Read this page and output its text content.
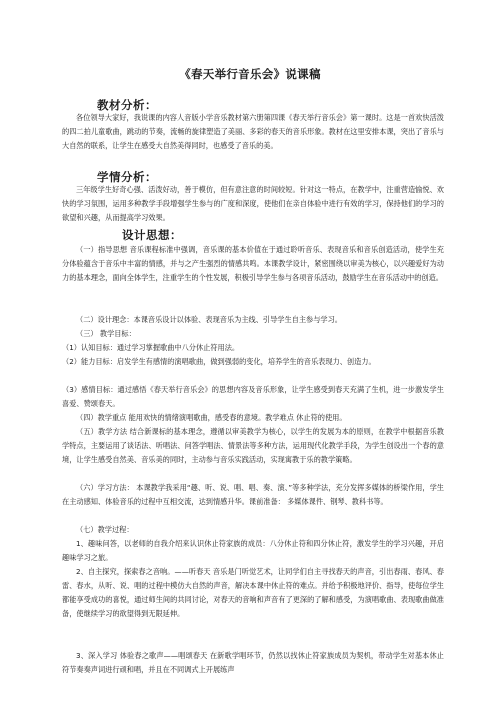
《春天举行音乐会》说课稿
教材分析：
各位领导大家好，我说课的内容人音版小学音乐教材第六册第四课《春天举行音乐会》第一课时。这是一首欢快活泼的四二拍儿童歌曲，跳动的节奏，流畅的旋律塑造了美丽、多彩的春天的音乐形象。教材在这里安排本课，突出了音乐与大自然的联系，让学生在感受大自然美得同时，也感受了音乐的美。
学情分析：
三年级学生好奇心强、活泼好动，善于模仿，但有意注意的时间较短。针对这一特点，在教学中，注重营造愉悦、欢快的学习氛围，运用多种教学手段增强学生参与的广度和深度，使他们在亲自体验中进行有效的学习，保持他们的学习的欲望和兴趣，从而提高学习效果。
设计思想：
（一）指导思想 音乐课程标准中强调，音乐课的基本价值在于通过聆听音乐、表现音乐和音乐创造活动，使学生充分体验蕴含于音乐中丰富的情感，并与之产生强烈的情感共鸣。本课教学设计，紧密围绕以审美为核心，以兴趣爱好为动力的基本理念，面向全体学生，注重学生的个性发展，积极引导学生参与各项音乐活动，鼓励学生在音乐活动中的创造。
（二）设计理念：本课音乐设计以体验、表现音乐为主线、引导学生自主参与学习。
（三） 教学目标：
（1）认知目标：通过学习掌握歌曲中八分休止符用法。
（2）能力目标：启发学生有感情的演唱歌曲，做到强弱的变化，培养学生的音乐表现力、创造力。
（3）感情目标：通过感悟《春天举行音乐会》的思想内容及音乐形象，让学生感受到春天充满了生机，进一步激发学生喜爱、赞颂春天。
（四）教学重点 能用欢快的情绪演唱歌曲，感受春的意境。教学难点 休止符的使用。
（五）教学方法 结合新课标的基本理念，遵循以审美教学为核心，以学生的发展为本的原则，在教学中根据音乐教学特点，主要运用了谈话法、听唱法、问答学唱法、情景法等多种方法，运用现代化教学手段，为学生创设出一个春的意境，让学生感受自然美、音乐美的同时，主动参与音乐实践活动，实现寓教于乐的教学策略。
（六）学习方法： 本课教学我采用“趣、听、说、唱、唱、奏、演、”等多种学法，充分发挥多媒体的桥梁作用，学生在主动感知、体验音乐的过程中互相交流，达到情感升华。课前准备： 多媒体课件、钢琴、教科书等。
（七）教学过程：
1、趣味问答，以老师的自我介绍来认识休止符家族的成员：八分休止符和四分休止符，激发学生的学习兴趣，开启趣味学习之旅。
2、自主探究，探索春之音响。——听春天 音乐是门听觉艺术，让同学们自主寻找春天的声音，引出春雨、春风、春雷、春水，从听、说、唱的过程中模仿大自然的声音，解决本课中休止符的难点。并给予积极地评价、指导，使每位学生都能享受成功的喜悦，通过师生间的共同讨论，对春天的音响和声音有了更深的了解和感受，为演唱歌曲、表现歌曲做准备，使继续学习的欲望得到无限延伸。
3、深入学习 体验春之歌声——唱颂春天 在新歌学唱环节，仍然以找休止符家族成员为契机，带动学生对基本休止符节奏奏声词进行顽和唱，并且在不同调式上开展练声
